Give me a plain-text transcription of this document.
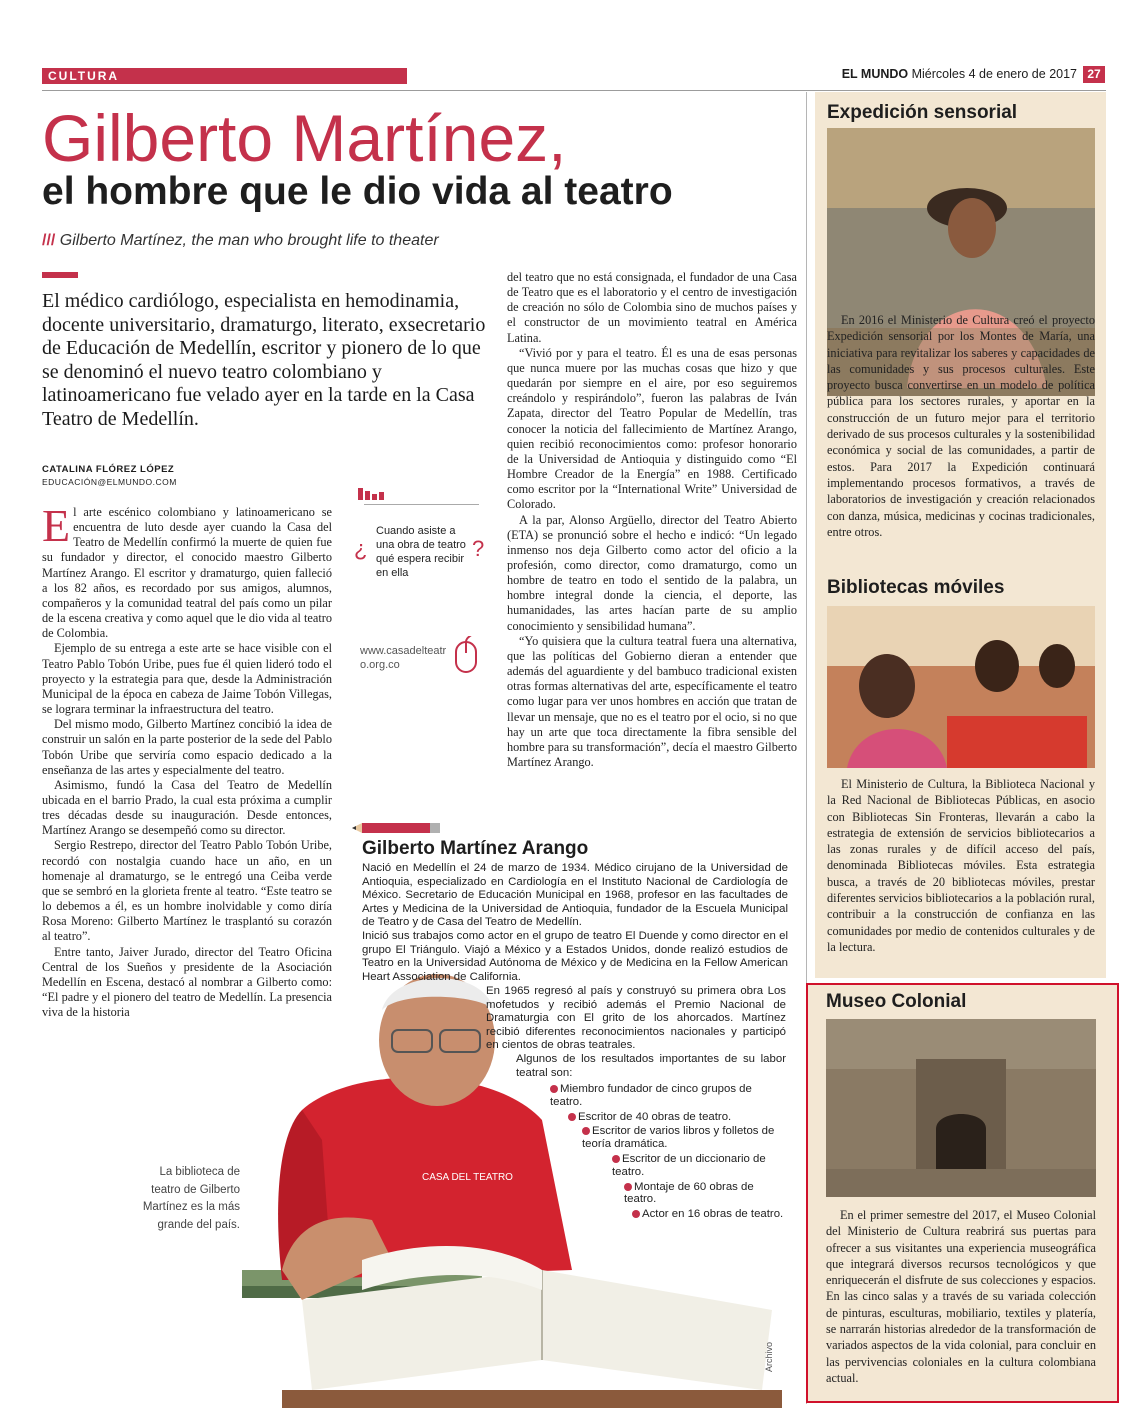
CULTURA	EL MUNDO Miércoles 4 de enero de 2017 27
Gilberto Martínez,
el hombre que le dio vida al teatro
/// Gilberto Martínez, the man who brought life to theater
El médico cardiólogo, especialista en hemodinamia, docente universitario, dramaturgo, literato, exsecretario de Educación de Medellín, escritor y pionero de lo que se denominó el nuevo teatro colombiano y latinoamericano fue velado ayer en la tarde en la Casa Teatro de Medellín.
CATALINA FLÓREZ LÓPEZ
EDUCACIÓN@ELMUNDO.COM

El arte escénico colombiano y latinoamericano se encuentra de luto desde ayer cuando la Casa del Teatro de Medellín confirmó la muerte de quien fue su fundador y director, el conocido maestro Gilberto Martínez Arango. El escritor y dramaturgo, quien falleció a los 82 años, es recordado por sus amigos, alumnos, compañeros y la comunidad teatral del país como un pilar de la escena creativa y como aquel que le dio vida al teatro de Colombia.

Ejemplo de su entrega a este arte se hace visible con el Teatro Pablo Tobón Uribe, pues fue él quien lideró todo el proyecto y la estrategia para que, desde la Administración Municipal de la época en cabeza de Jaime Tobón Villegas, se lograra terminar la infraestructura del teatro.

Del mismo modo, Gilberto Martínez concibió la idea de construir un salón en la parte posterior de la sede del Pablo Tobón Uribe que serviría como espacio dedicado a la enseñanza de las artes y especialmente del teatro.

Asimismo, fundó la Casa del Teatro de Medellín ubicada en el barrio Prado, la cual esta próxima a cumplir tres décadas desde su inauguración. Desde entonces, Martínez Arango se desempeñó como su director.

Sergio Restrepo, director del Teatro Pablo Tobón Uribe, recordó con nostalgia cuando hace un año, en un homenaje al dramaturgo, se le entregó una Ceiba verde que se sembró en la glorieta frente al teatro. “Este teatro se lo debemos a él, es un hombre inolvidable y como diría Rosa Moreno: Gilberto Martínez le trasplantó su corazón al teatro”.

Entre tanto, Jaiver Jurado, director del Teatro Oficina Central de los Sueños y presidente de la Asociación Medellín en Escena, destacó al nombrar a Gilberto como: “El padre y el pionero del teatro de Medellín. La presencia viva de la historia

¿
Cuando asiste a una obra de teatro qué espera recibir en ella
?
www.casadelteatro.org.co

del teatro que no está consignada, el fundador de una Casa de Teatro que es el laboratorio y el centro de investigación de creación no sólo de Colombia sino de muchos países y el constructor de un movimiento teatral en América Latina.

“Vivió por y para el teatro. Él es una de esas personas que nunca muere por las muchas cosas que hizo y que quedarán por siempre en el aire, por eso seguiremos creándolo y respirándolo”, fueron las palabras de Iván Zapata, director del Teatro Popular de Medellín, tras conocer la noticia del fallecimiento de Martínez Arango, quien recibió reconocimientos como: profesor honorario de la Universidad de Antioquia y distinguido como “El Hombre Creador de la Energía” en 1988. Certificado como escritor por la “International Write” Universidad de Colorado.

A la par, Alonso Argüello, director del Teatro Abierto (ETA) se pronunció sobre el hecho e indicó: “Un legado inmenso nos deja Gilberto como actor del oficio a la profesión, como director, como dramaturgo, como un hombre de teatro en todo el sentido de la palabra, un hombre integral donde la ciencia, el deporte, las humanidades, las artes hacían parte de su amplio conocimiento y sensibilidad humana”.

“Yo quisiera que la cultura teatral fuera una alternativa, que las políticas del Gobierno dieran a entender que además del aguardiente y del bambuco tradicional existen otras formas alternativas del arte, específicamente el teatro como lugar para ver unos hombres en acción que tratan de llevar un mensaje, que no es el teatro por el ocio, si no que hay un arte que toca directamente la fibra sensible del hombre para su transformación”, decía el maestro Gilberto Martínez Arango.

CASA DEL TEATRO
Gilberto Martínez Arango

Nació en Medellín el 24 de marzo de 1934. Médico cirujano de la Universidad de Antioquia, especializado en Cardiología en el Instituto Nacional de Cardiología de México. Secretario de Educación Municipal en 1968, profesor en las facultades de Artes y Medicina de la Universidad de Antioquia, fundador de la Escuela Municipal de Teatro y de Casa del Teatro de Medellín.

Inició sus trabajos como actor en el grupo de teatro El Duende y como director en el grupo El Triángulo. Viajó a México y a Estados Unidos, donde realizó estudios de Teatro en la Universidad Autónoma de México y de Medicina en la Fellow American Heart Association de California.

En 1965 regresó al país y construyó su primera obra Los mofetudos y recibió además el Premio Nacional de Dramaturgia con El grito de los ahorcados. Martínez recibió diferentes reconocimientos nacionales y participó en cientos de obras teatrales.

Algunos de los resultados importantes de su labor teatral son:

Miembro fundador de cinco grupos de teatro.
Escritor de 40 obras de teatro.
Escritor de varios libros y folletos de teoría dramática.
Escritor de un diccionario de teatro.
Montaje de 60 obras de teatro.
Actor en 16 obras de teatro.
La biblioteca de teatro de Gilberto Martínez es la más grande del país.
Archivo
Expedición sensorial

En 2016 el Ministerio de Cultura creó el proyecto Expedición sensorial por los Montes de María, una iniciativa para revitalizar los saberes y capacidades de las comunidades y sus procesos culturales. Este proyecto busca convertirse en un modelo de política pública para los sectores rurales, y aportar en la construcción de un futuro mejor para el territorio derivado de sus procesos culturales y la sostenibilidad económica y social de las comunidades, a partir de estos. Para 2017 la Expedición continuará implementando procesos formativos, a través de laboratorios de investigación y creación relacionados con danza, música, medicinas y cocinas tradicionales, entre otros.

Bibliotecas móviles

El Ministerio de Cultura, la Biblioteca Nacional y la Red Nacional de Bibliotecas Públicas, en asocio con Bibliotecas Sin Fronteras, llevarán a cabo la estrategia de extensión de servicios bibliotecarios a las zonas rurales y de difícil acceso del país, denominada Bibliotecas móviles. Esta estrategia busca, a través de 20 bibliotecas móviles, prestar diferentes servicios bibliotecarios a la población rural, contribuir a la construcción de confianza en las comunidades por medio de contenidos culturales y de la lectura.

Museo Colonial

En el primer semestre del 2017, el Museo Colonial del Ministerio de Cultura reabrirá sus puertas para ofrecer a sus visitantes una experiencia museográfica que integrará diversos recursos tecnológicos y que enriquecerán el disfrute de sus colecciones y espacios. En las cinco salas y a través de su variada colección de pinturas, esculturas, mobiliario, textiles y platería, se narrarán historias alrededor de la transformación de variados aspectos de la vida colonial, para concluir en las pervivencias coloniales en la cultura colombiana actual.
